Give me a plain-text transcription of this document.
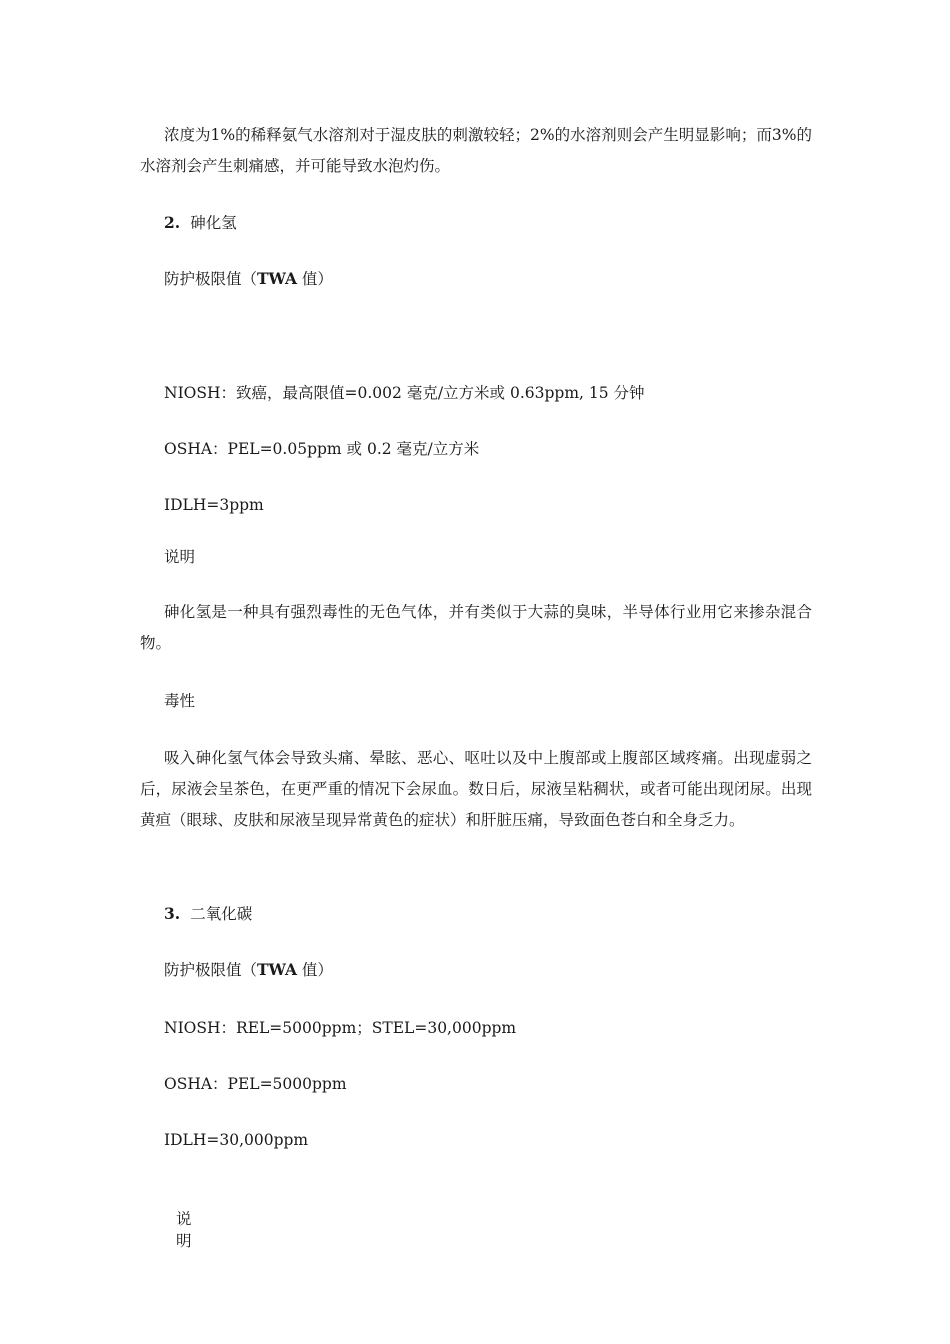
浓度为1%的稀释氨气水溶剂对于湿皮肤的刺激较轻；2%的水溶剂则会产生明显影响；而3%的水溶剂会产生刺痛感，并可能导致水泡灼伤。

2. 砷化氢

防护极限值（TWA 值）

NIOSH：致癌，最高限值=0.002 毫克/立方米或 0.63ppm, 15 分钟

OSHA：PEL=0.05ppm 或 0.2 毫克/立方米

IDLH=3ppm

说明

砷化氢是一种具有强烈毒性的无色气体，并有类似于大蒜的臭味，半导体行业用它来掺杂混合物。

毒性

吸入砷化氢气体会导致头痛、晕眩、恶心、呕吐以及中上腹部或上腹部区域疼痛。出现虚弱之后，尿液会呈茶色，在更严重的情况下会尿血。数日后，尿液呈粘稠状，或者可能出现闭尿。出现黄疸（眼球、皮肤和尿液呈现异常黄色的症状）和肝脏压痛，导致面色苍白和全身乏力。

3. 二氧化碳

防护极限值（TWA 值）

NIOSH：REL=5000ppm；STEL=30,000ppm

OSHA：PEL=5000ppm

IDLH=30,000ppm

说明
